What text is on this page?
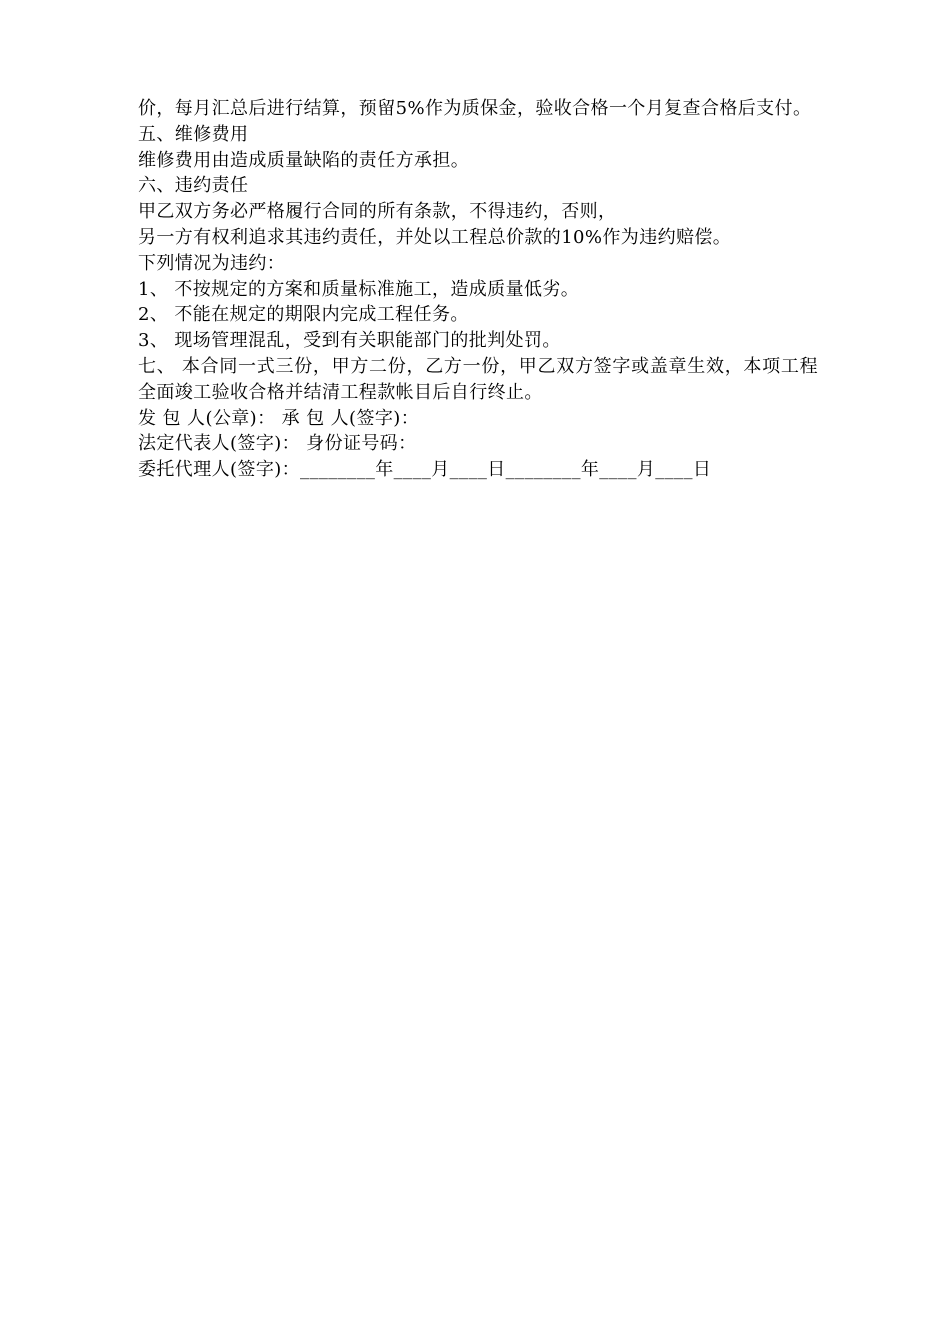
价，每月汇总后进行结算，预留5%作为质保金，验收合格一个月复查合格后支付。

五、维修费用

维修费用由造成质量缺陷的责任方承担。

六、违约责任

甲乙双方务必严格履行合同的所有条款，不得违约，否则，

另一方有权利追求其违约责任，并处以工程总价款的10%作为违约赔偿。

下列情况为违约：

1、 不按规定的方案和质量标准施工，造成质量低劣。

2、 不能在规定的期限内完成工程任务。

3、 现场管理混乱，受到有关职能部门的批判处罚。

七、 本合同一式三份，甲方二份，乙方一份，甲乙双方签字或盖章生效，本项工程全面竣工验收合格并结清工程款帐目后自行终止。

发 包 人(公章)： 承 包 人(签字)：

法定代表人(签字)： 身份证号码：

委托代理人(签字)：________年____月____日________年____月____日
